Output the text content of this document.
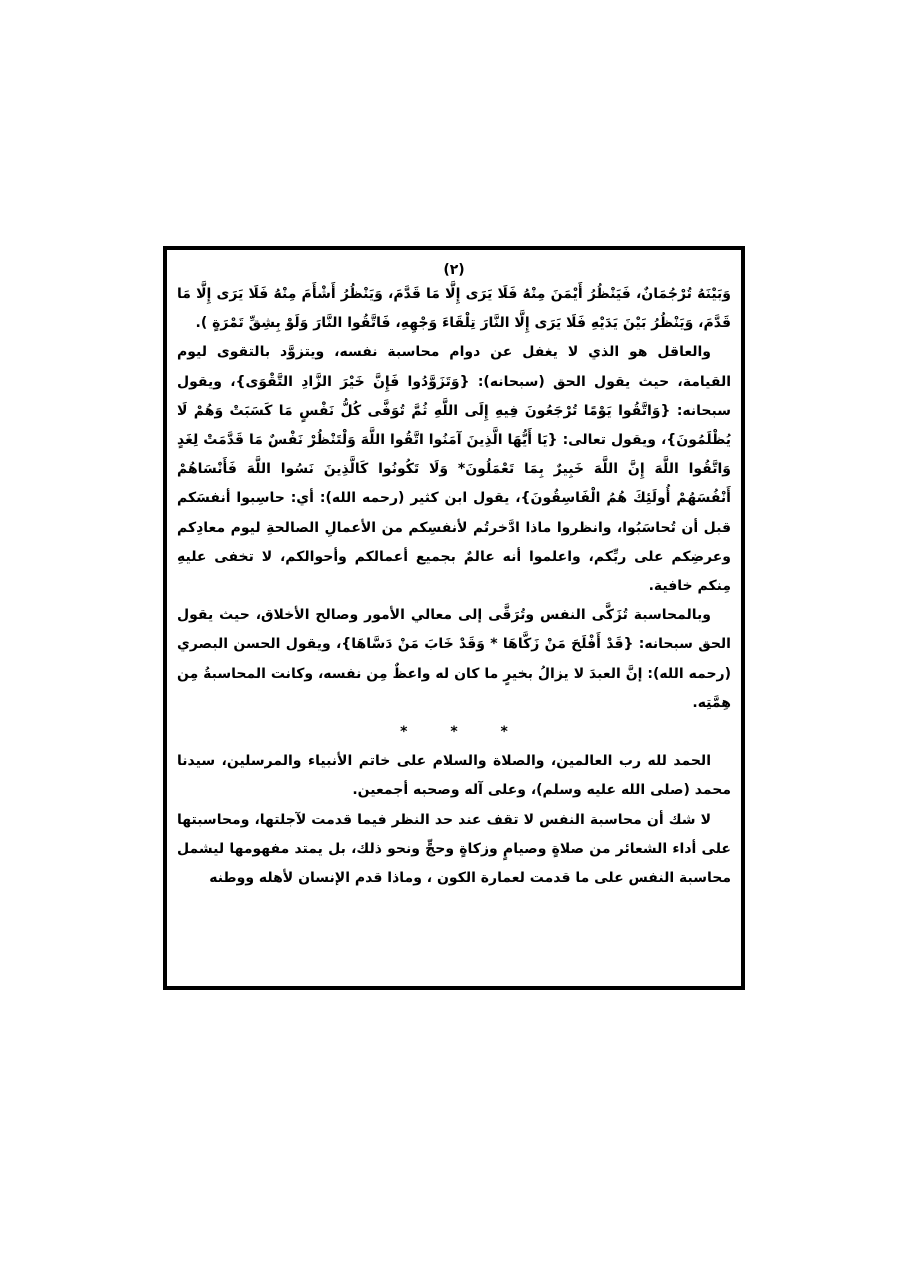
(٢)

وَبَيْنَهُ تُرْجُمَانٌ، فَيَنْظُرُ أَيْمَنَ مِنْهُ فَلَا يَرَى إِلَّا مَا قَدَّمَ، وَيَنْظُرُ أَشْأَمَ مِنْهُ فَلَا يَرَى إِلَّا مَا قَدَّمَ، وَيَنْظُرُ بَيْنَ يَدَيْهِ فَلَا يَرَى إِلَّا النَّارَ تِلْقَاءَ وَجْهِهِ، فَاتَّقُوا النَّارَ وَلَوْ بِشِقِّ تَمْرَةٍ ).

والعاقل هو الذي لا يغفل عن دوام محاسبة نفسه، ويتزوَّد بالتقوى ليوم القيامة، حيث يقول الحق (سبحانه): {وَتَزَوَّدُوا فَإِنَّ خَيْرَ الزَّادِ التَّقْوَى}، ويقول سبحانه: {وَاتَّقُوا يَوْمًا تُرْجَعُونَ فِيهِ إِلَى اللَّهِ ثُمَّ تُوَفَّى كُلُّ نَفْسٍ مَا كَسَبَتْ وَهُمْ لَا يُظْلَمُونَ}، ويقول تعالى: {يَا أَيُّهَا الَّذِينَ آمَنُوا اتَّقُوا اللَّهَ وَلْتَنْظُرْ نَفْسٌ مَا قَدَّمَتْ لِغَدٍ وَاتَّقُوا اللَّهَ إِنَّ اللَّهَ خَبِيرٌ بِمَا تَعْمَلُونَ* وَلَا تَكُونُوا كَالَّذِينَ نَسُوا اللَّهَ فَأَنْسَاهُمْ أَنْفُسَهُمْ أُولَئِكَ هُمُ الْفَاسِقُونَ}، يقول ابن كثير (رحمه الله): أي: حاسِبوا أنفسَكم قبل أن تُحاسَبُوا، وانظروا ماذا ادَّخرتُم لأنفسِكم من الأعمالِ الصالحةِ ليوم معادِكم وعرضِكم على ربِّكم، واعلموا أنه عالمٌ بجميع أعمالكم وأحوالكم، لا تخفى عليهِ مِنكم خافية.

وبالمحاسبة تُزَكَّى النفس وتُرَقَّى إلى معالي الأمور وصالح الأخلاق، حيث يقول الحق سبحانه: {قَدْ أَفْلَحَ مَنْ زَكَّاهَا * وَقَدْ خَابَ مَنْ دَسَّاهَا}، ويقول الحسن البصري (رحمه الله): إنَّ العبدَ لا يزالُ بخيرٍ ما كان له واعظٌ مِن نفسه، وكانت المحاسبةُ مِن هِمَّتِه.

* * *

الحمد لله رب العالمين، والصلاة والسلام على خاتم الأنبياء والمرسلين، سيدنا محمد (صلى الله عليه وسلم)، وعلى آله وصحبه أجمعين.

لا شك أن محاسبة النفس لا تقف عند حد النظر فيما قدمت لآجلتها، ومحاسبتها على أداء الشعائر من صلاةٍ وصيامٍ وزكاةٍ وحجٍّ ونحو ذلك، بل يمتد مفهومها ليشمل محاسبة النفس على ما قدمت لعمارة الكون ، وماذا قدم الإنسان لأهله ووطنه
